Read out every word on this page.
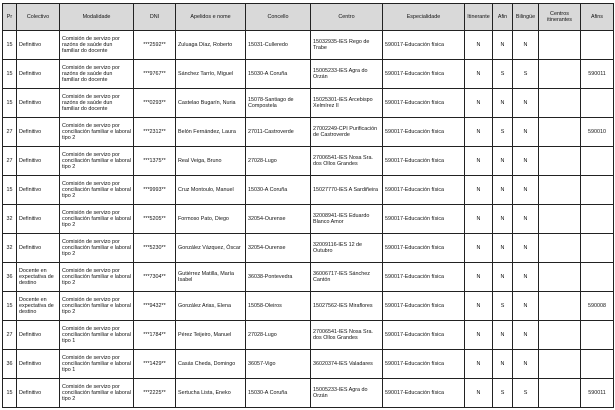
Pr	Colectivo	Modalidade	DNI	Apelidos e nome	Concello	Centro	Especialidade	Itinerante	Afin	Bilingüe	Centros itinerantes	Afins
15	Definitivo	Comisión de servizo por razóns de saúde dun familiar do docente	***2592**	Zuluaga Díaz, Roberto	15031-Culleredo	15032935-IES Rego de Trabe	590017-Educación física	N	N	N		
15	Definitivo	Comisión de servizo por razóns de saúde dun familiar do docente	***9767**	Sánchez Tarrío, Miguel	15030-A Coruña	15005233-IES Agra do Orzán	590017-Educación física	N	S	S		590011
15	Definitivo	Comisión de servizo por razóns de saúde dun familiar do docente	***0293**	Castelao Bugarín, Nuria	15078-Santiago de Compostela	15025301-IES Arcebispo Xelmírez II	590017-Educación física	N	N	N		
27	Definitivo	Comisión de servizo por conciliación familiar e laboral tipo 2	***2312**	Belón Fernández, Laura	27011-Castroverde	27002249-CPI Purificación de Castroverde	590017-Educación física	N	S	N		590010
27	Definitivo	Comisión de servizo por conciliación familiar e laboral tipo 2	***1375**	Real Veiga, Bruno	27028-Lugo	27006541-IES Nosa Sra. dos Ollos Grandes	590017-Educación física	N	N	N		
15	Definitivo	Comisión de servizo por conciliación familiar e laboral tipo 2	***9993**	Cruz Montoulo, Manuel	15030-A Coruña	15027770-IES A Sardiñeira	590017-Educación física	N	N	N		
32	Definitivo	Comisión de servizo por conciliación familiar e laboral tipo 2	***5205**	Formoso Pato, Diego	32054-Ourense	32008941-IES Eduardo Blanco Amor	590017-Educación física	N	N	N		
32	Definitivo	Comisión de servizo por conciliación familiar e laboral tipo 2	***5230**	González Vázquez, Óscar	32054-Ourense	32009116-IES 12 de Outubro	590017-Educación física	N	N	N		
36	Docente en expectativa de destino	Comisión de servizo por conciliación familiar e laboral tipo 2	***7304**	Gutiérrez Matilla, María Isabel	36038-Pontevedra	36006717-IES Sánchez Cantón	590017-Educación física	N	N	N		
15	Docente en expectativa de destino	Comisión de servizo por conciliación familiar e laboral tipo 2	***9432**	González Arias, Elena	15058-Oleiros	15027562-IES Miraflores	590017-Educación física	N	S	N		590008
27	Definitivo	Comisión de servizo por conciliación familiar e laboral tipo 1	***1784**	Pérez Teijeiro, Manuel	27028-Lugo	27006541-IES Nosa Sra. dos Ollos Grandes	590017-Educación física	N	N	N		
36	Definitivo	Comisión de servizo por conciliación familiar e laboral tipo 1	***1429**	Casás Cheda, Domingo	36057-Vigo	36020374-IES Valadares	590017-Educación física	N	N	N		
15	Definitivo	Comisión de servizo por conciliación familiar e laboral tipo 2	***2225**	Sertucha Lista, Eneko	15030-A Coruña	15005233-IES Agra do Orzán	590017-Educación física	N	S	S		590011
